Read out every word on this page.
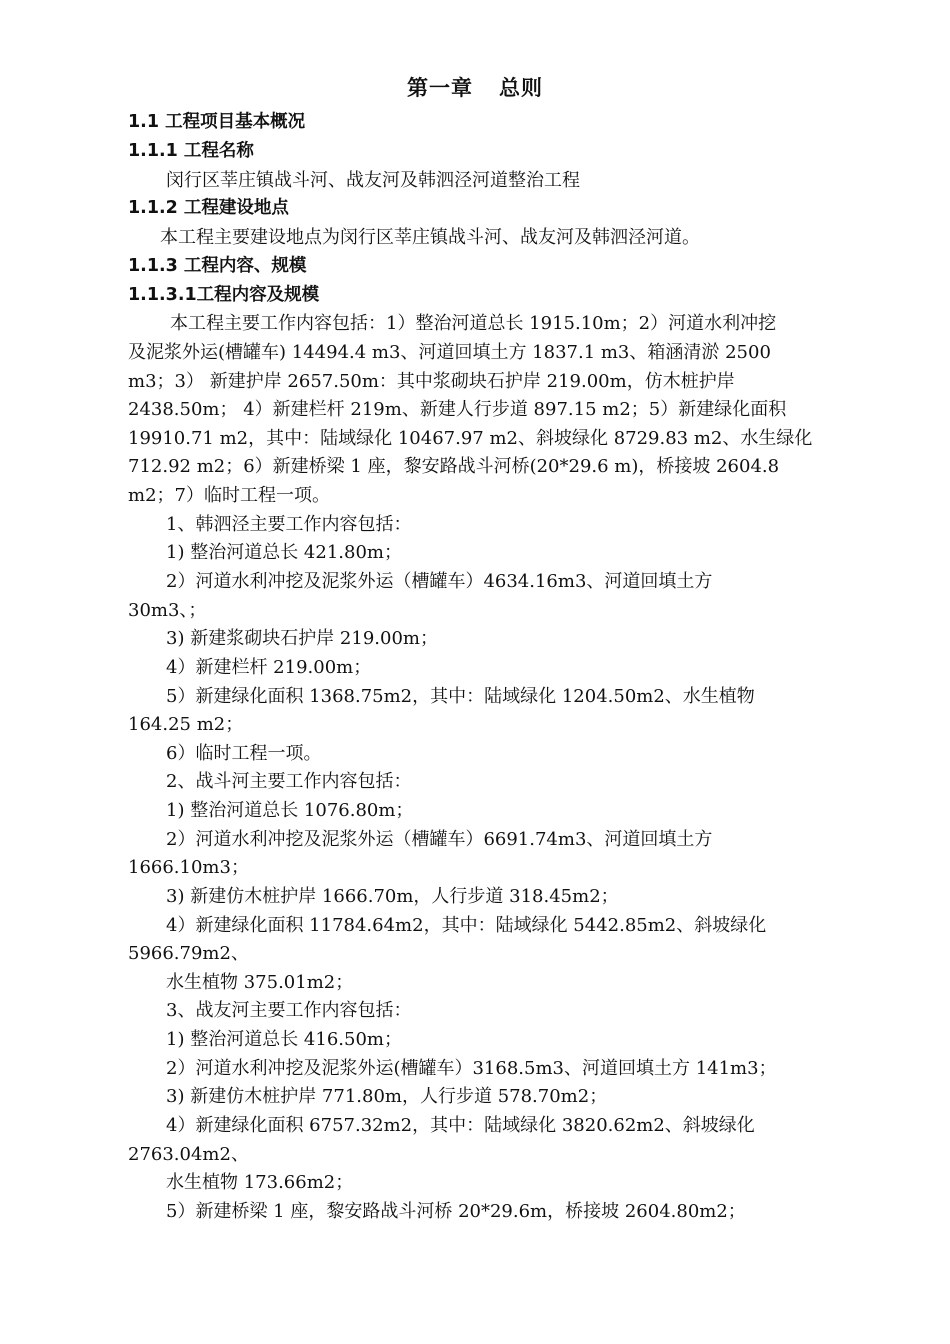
第一章 总则
1.1 工程项目基本概况
1.1.1 工程名称
闵行区莘庄镇战斗河、战友河及韩泗泾河道整治工程
1.1.2 工程建设地点
本工程主要建设地点为闵行区莘庄镇战斗河、战友河及韩泗泾河道。
1.1.3 工程内容、规模
1.1.3.1工程内容及规模
本工程主要工作内容包括：1）整治河道总长 1915.10m；2）河道水利冲挖
及泥浆外运(槽罐车) 14494.4 m3、河道回填土方 1837.1 m3、箱涵清淤 2500
m3；3） 新建护岸 2657.50m：其中浆砌块石护岸 219.00m，仿木桩护岸
2438.50m； 4）新建栏杆 219m、新建人行步道 897.15 m2；5）新建绿化面积
19910.71 m2，其中：陆域绿化 10467.97 m2、斜坡绿化 8729.83 m2、水生绿化
712.92 m2；6）新建桥梁 1 座，黎安路战斗河桥(20*29.6 m)，桥接坡 2604.8
m2；7）临时工程一项。
1、韩泗泾主要工作内容包括：
1) 整治河道总长 421.80m；
2）河道水利冲挖及泥浆外运（槽罐车）4634.16m3、河道回填土方
30m3、；
3) 新建浆砌块石护岸 219.00m；
4）新建栏杆 219.00m；
5）新建绿化面积 1368.75m2，其中：陆域绿化 1204.50m2、水生植物
164.25 m2；
6）临时工程一项。
2、战斗河主要工作内容包括：
1) 整治河道总长 1076.80m；
2）河道水利冲挖及泥浆外运（槽罐车）6691.74m3、河道回填土方
1666.10m3；
3) 新建仿木桩护岸 1666.70m，人行步道 318.45m2；
4）新建绿化面积 11784.64m2，其中：陆域绿化 5442.85m2、斜坡绿化
5966.79m2、
水生植物 375.01m2；
3、战友河主要工作内容包括：
1) 整治河道总长 416.50m；
2）河道水利冲挖及泥浆外运(槽罐车）3168.5m3、河道回填土方 141m3；
3) 新建仿木桩护岸 771.80m，人行步道 578.70m2；
4）新建绿化面积 6757.32m2，其中：陆域绿化 3820.62m2、斜坡绿化
2763.04m2、
水生植物 173.66m2；
5）新建桥梁 1 座，黎安路战斗河桥 20*29.6m，桥接坡 2604.80m2；
